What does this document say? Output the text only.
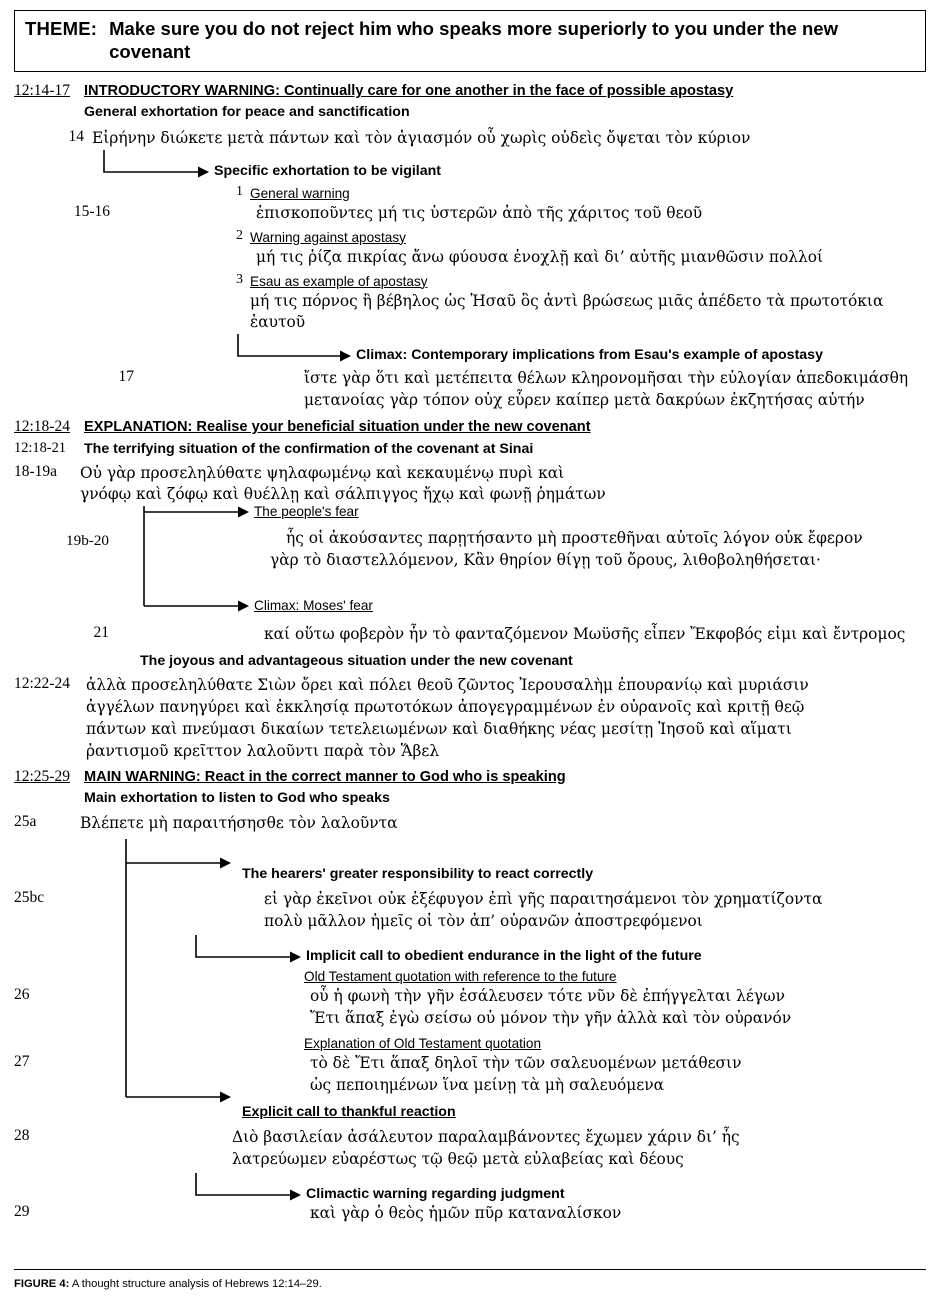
THEME: Make sure you do not reject him who speaks more superiorly to you under the new covenant
12:14-17 INTRODUCTORY WARNING: Continually care for one another in the face of possible apostasy
General exhortation for peace and sanctification
14 Εἰρήνην διώκετε μετὰ πάντων καὶ τὸν ἁγιασμόν οὗ χωρὶς οὐδεὶς ὄψεται τὸν κύριον
Specific exhortation to be vigilant
1 General warning
15-16	ἐπισκοποῦντες μή τις ὑστερῶν ἀπὸ τῆς χάριτος τοῦ θεοῦ
2 Warning against apostasy
μή τις ῥίζα πικρίας ἄνω φύουσα ἐνοχλῇ καὶ δι’ αὐτῆς μιανθῶσιν πολλοί
3 Esau as example of apostasy
μή τις πόρνος ἢ βέβηλος ὡς Ἠσαῦ ὃς ἀντὶ βρώσεως μιᾶς ἀπέδετο τὰ πρωτοτόκια ἑαυτοῦ
Climax: Contemporary implications from Esau's example of apostasy
17	ἴστε γὰρ ὅτι καὶ μετέπειτα θέλων κληρονομῆσαι τὴν εὐλογίαν ἀπεδοκιμάσθη
μετανοίας γὰρ τόπον οὐχ εὗρεν καίπερ μετὰ δακρύων ἐκζητήσας αὐτήν
12:18-24 EXPLANATION: Realise your beneficial situation under the new covenant
12:18-21	The terrifying situation of the confirmation of the covenant at Sinai
18-19a	Οὐ γὰρ προσεληλύθατε ψηλαφωμένῳ καὶ κεκαυμένῳ πυρὶ καὶ
γνόφῳ καὶ ζόφῳ καὶ θυέλλῃ καὶ σάλπιγγος ἤχῳ καὶ φωνῇ ῥημάτων
The people's fear
19b-20	ἧς οἱ ἀκούσαντες παρῃτήσαντο μὴ προστεθῆναι αὐτοῖς λόγον οὐκ ἔφερον
γὰρ τὸ διαστελλόμενον, Κἂν θηρίον θίγῃ τοῦ ὄρους, λιθοβοληθήσεται·
Climax: Moses' fear
21	καί οὕτω φοβερὸν ἦν τὸ φανταζόμενον Μωϋσῆς εἶπεν Ἔκφοβός εἰμι καὶ ἔντρομος
The joyous and advantageous situation under the new covenant
12:22-24	ἀλλὰ προσεληλύθατε Σιὼν ὄρει καὶ πόλει θεοῦ ζῶντος Ἰερουσαλὴμ ἐπουρανίῳ καὶ μυριάσιν
ἀγγέλων πανηγύρει καὶ ἐκκλησίᾳ πρωτοτόκων ἀπογεγραμμένων ἐν οὐρανοῖς καὶ κριτῇ θεῷ
πάντων καὶ πνεύμασι δικαίων τετελειωμένων καὶ διαθήκης νέας μεσίτῃ Ἰησοῦ καὶ αἵματι
ῥαντισμοῦ κρεῖττον λαλοῦντι παρὰ τὸν Ἅβελ
12:25-29 MAIN WARNING: React in the correct manner to God who is speaking
Main exhortation to listen to God who speaks
25a	Βλέπετε μὴ παραιτήσησθε τὸν λαλοῦντα
The hearers' greater responsibility to react correctly
25bc	εἰ γὰρ ἐκεῖνοι οὐκ ἐξέφυγον ἐπὶ γῆς παραιτησάμενοι τὸν χρηματίζοντα
πολὺ μᾶλλον ἡμεῖς οἱ τὸν ἀπ’ οὐρανῶν ἀποστρεφόμενοι
Implicit call to obedient endurance in the light of the future
Old Testament quotation with reference to the future
26	οὗ ἡ φωνὴ τὴν γῆν ἐσάλευσεν τότε νῦν δὲ ἐπήγγελται λέγων
Ἔτι ἅπαξ ἐγὼ σείσω οὐ μόνον τὴν γῆν ἀλλὰ καὶ τὸν οὐρανόν
Explanation of Old Testament quotation
27	τὸ δὲ Ἔτι ἅπαξ δηλοῖ τὴν τῶν σαλευομένων μετάθεσιν
ὡς πεποιημένων ἵνα μείνῃ τὰ μὴ σαλευόμενα
Explicit call to thankful reaction
28	Διὸ βασιλείαν ἀσάλευτον παραλαμβάνοντες ἔχωμεν χάριν δι’ ἧς
λατρεύωμεν εὐαρέστως τῷ θεῷ μετὰ εὐλαβείας καὶ δέους
Climactic warning regarding judgment
29	καὶ γὰρ ὁ θεὸς ἡμῶν πῦρ καταναλίσκον
FIGURE 4: A thought structure analysis of Hebrews 12:14–29.
